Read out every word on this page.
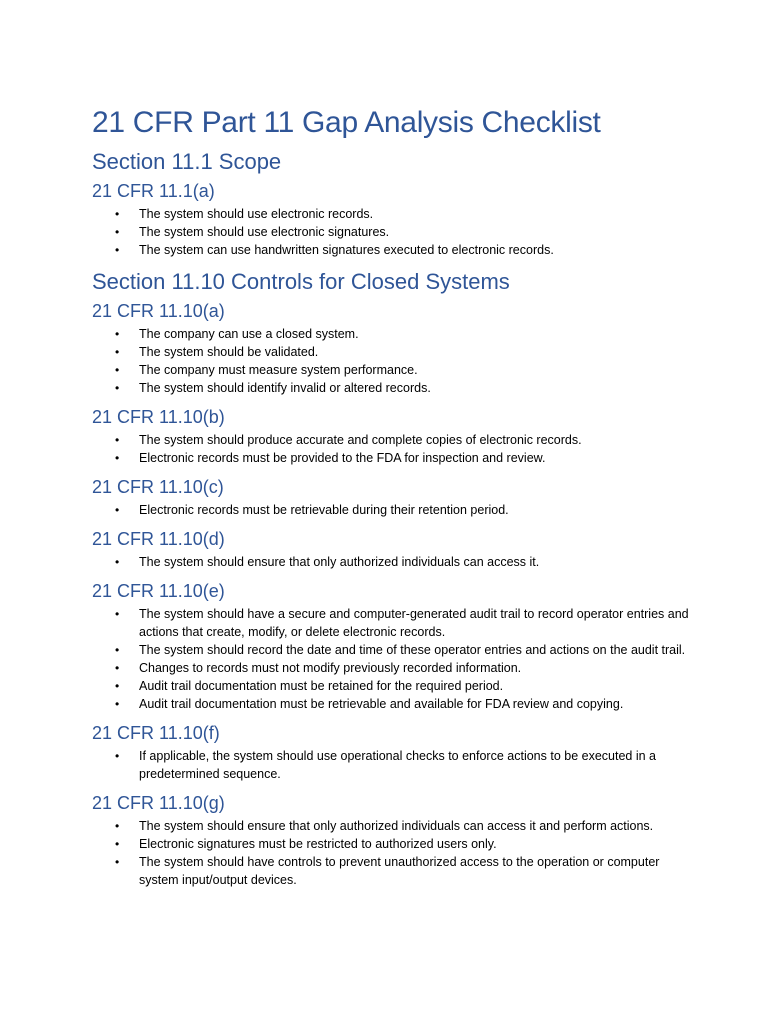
21 CFR Part 11 Gap Analysis Checklist
Section 11.1 Scope
21 CFR 11.1(a)
•	The system should use electronic records.
•	The system should use electronic signatures.
•	The system can use handwritten signatures executed to electronic records.
Section 11.10 Controls for Closed Systems
21 CFR 11.10(a)
•	The company can use a closed system.
•	The system should be validated.
•	The company must measure system performance.
•	The system should identify invalid or altered records.
21 CFR 11.10(b)
•	The system should produce accurate and complete copies of electronic records.
•	Electronic records must be provided to the FDA for inspection and review.
21 CFR 11.10(c)
•	Electronic records must be retrievable during their retention period.
21 CFR 11.10(d)
•	The system should ensure that only authorized individuals can access it.
21 CFR 11.10(e)
•	The system should have a secure and computer-generated audit trail to record operator entries and actions that create, modify, or delete electronic records.
•	The system should record the date and time of these operator entries and actions on the audit trail.
•	Changes to records must not modify previously recorded information.
•	Audit trail documentation must be retained for the required period.
•	Audit trail documentation must be retrievable and available for FDA review and copying.
21 CFR 11.10(f)
•	If applicable, the system should use operational checks to enforce actions to be executed in a predetermined sequence.
21 CFR 11.10(g)
•	The system should ensure that only authorized individuals can access it and perform actions.
•	Electronic signatures must be restricted to authorized users only.
•	The system should have controls to prevent unauthorized access to the operation or computer system input/output devices.
